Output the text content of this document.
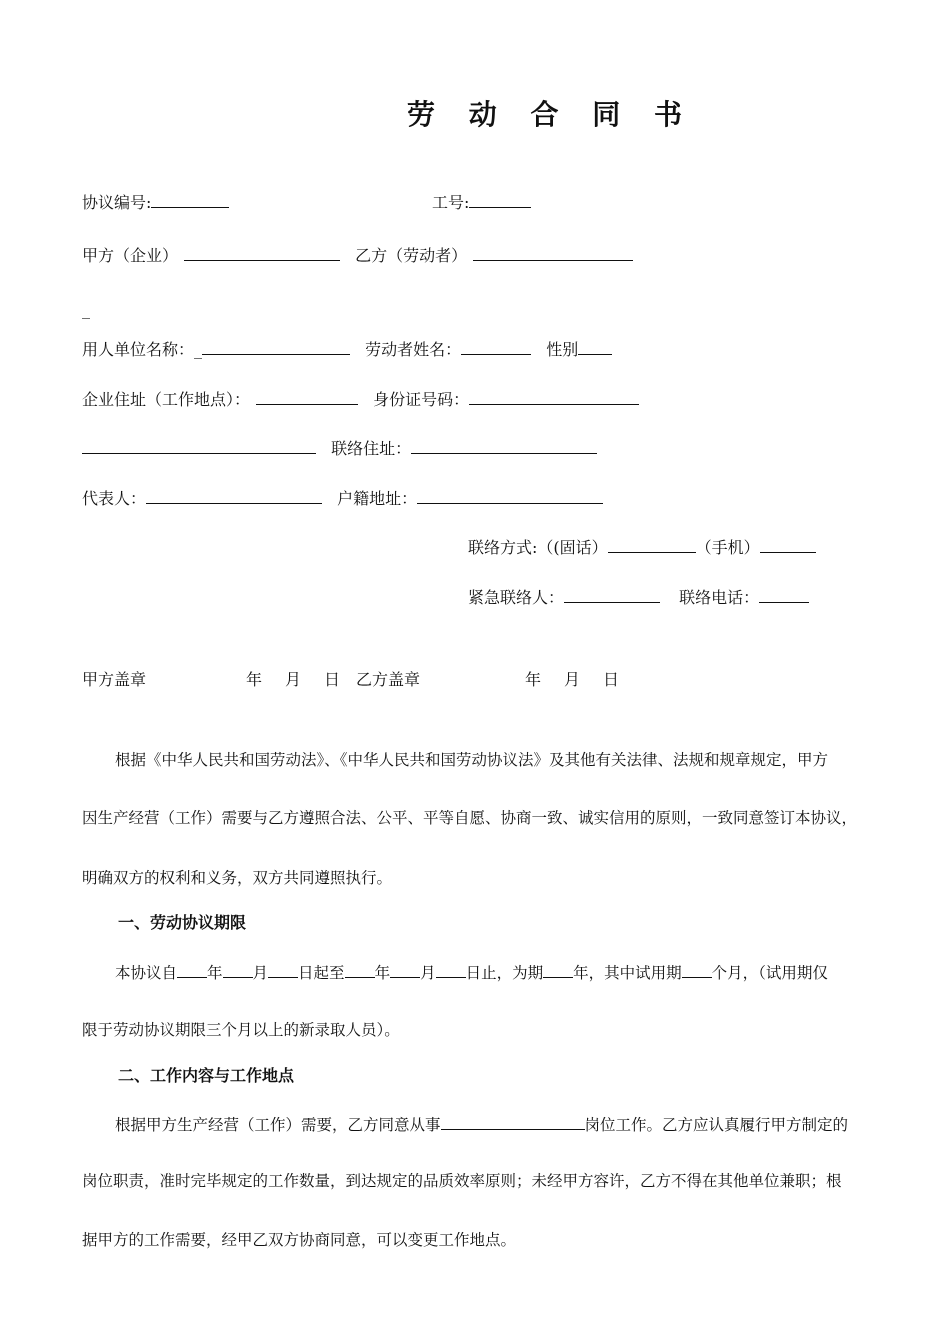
劳 动 合 同 书
协议编号:	工号:
甲方（企业）	乙方（劳动者）
_
用人单位名称：_	劳动者姓名：	性别
企业住址（工作地点）：	身份证号码：
联络住址：
代表人：	户籍地址：
联络方式:（(固话）	（手机）
紧急联络人：	联络电话：
甲方盖章	年 月 日 乙方盖章	年 月 日
根据《中华人民共和国劳动法》、《中华人民共和国劳动协议法》及其他有关法律、法规和规章规定，甲方
因生产经营（工作）需要与乙方遵照合法、公平、平等自愿、协商一致、诚实信用的原则，一致同意签订本协议，
明确双方的权利和义务，双方共同遵照执行。
一、劳动协议期限
本协议自 年 月 日起至 年 月 日止，为期 年，其中试用期 个月，（试用期仅
限于劳动协议期限三个月以上的新录取人员）。
二、工作内容与工作地点
根据甲方生产经营（工作）需要，乙方同意从事	岗位工作。乙方应认真履行甲方制定的
岗位职责，准时完毕规定的工作数量，到达规定的品质效率原则；未经甲方容许，乙方不得在其他单位兼职；根
据甲方的工作需要，经甲乙双方协商同意，可以变更工作地点。
